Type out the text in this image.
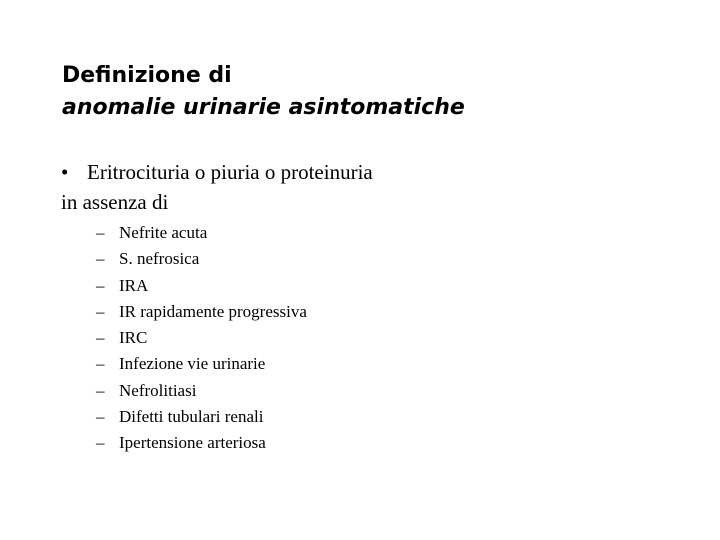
Definizione di
anomalie urinarie asintomatiche
• Eritrocituria o piuria o proteinuria
in assenza di
– Nefrite acuta
– S. nefrosica
– IRA
– IR rapidamente progressiva
– IRC
– Infezione vie urinarie
– Nefrolitiasi
– Difetti tubulari renali
– Ipertensione arteriosa
